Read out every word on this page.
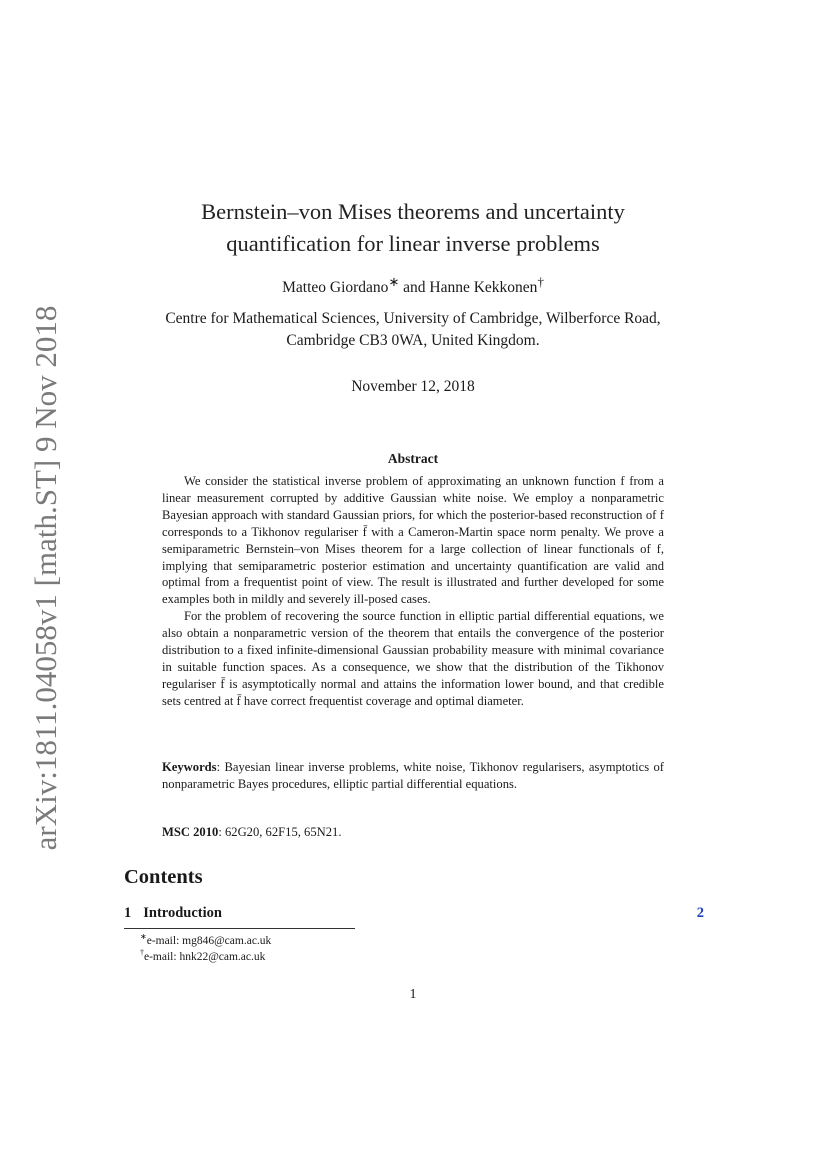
arXiv:1811.04058v1 [math.ST] 9 Nov 2018
Bernstein–von Mises theorems and uncertainty
quantification for linear inverse problems
Matteo Giordano∗ and Hanne Kekkonen†
Centre for Mathematical Sciences, University of Cambridge, Wilberforce Road,
Cambridge CB3 0WA, United Kingdom.
November 12, 2018
Abstract

We consider the statistical inverse problem of approximating an unknown function f from a linear measurement corrupted by additive Gaussian white noise. We employ a nonparametric Bayesian approach with standard Gaussian priors, for which the posterior-based reconstruction of f corresponds to a Tikhonov regulariser f̄ with a Cameron-Martin space norm penalty. We prove a semiparametric Bernstein–von Mises theorem for a large collection of linear functionals of f, implying that semiparametric posterior estimation and uncertainty quantification are valid and optimal from a frequentist point of view. The result is illustrated and further developed for some examples both in mildly and severely ill-posed cases.

For the problem of recovering the source function in elliptic partial differential equations, we also obtain a nonparametric version of the theorem that entails the convergence of the posterior distribution to a fixed infinite-dimensional Gaussian probability measure with minimal covariance in suitable function spaces. As a consequence, we show that the distribution of the Tikhonov regulariser f̄ is asymptotically normal and attains the information lower bound, and that credible sets centred at f̄ have correct frequentist coverage and optimal diameter.

Keywords: Bayesian linear inverse problems, white noise, Tikhonov regularisers, asymptotics of nonparametric Bayes procedures, elliptic partial differential equations.
MSC 2010: 62G20, 62F15, 65N21.
Contents
1 Introduction	2
∗e-mail: mg846@cam.ac.uk
†e-mail: hnk22@cam.ac.uk
1
